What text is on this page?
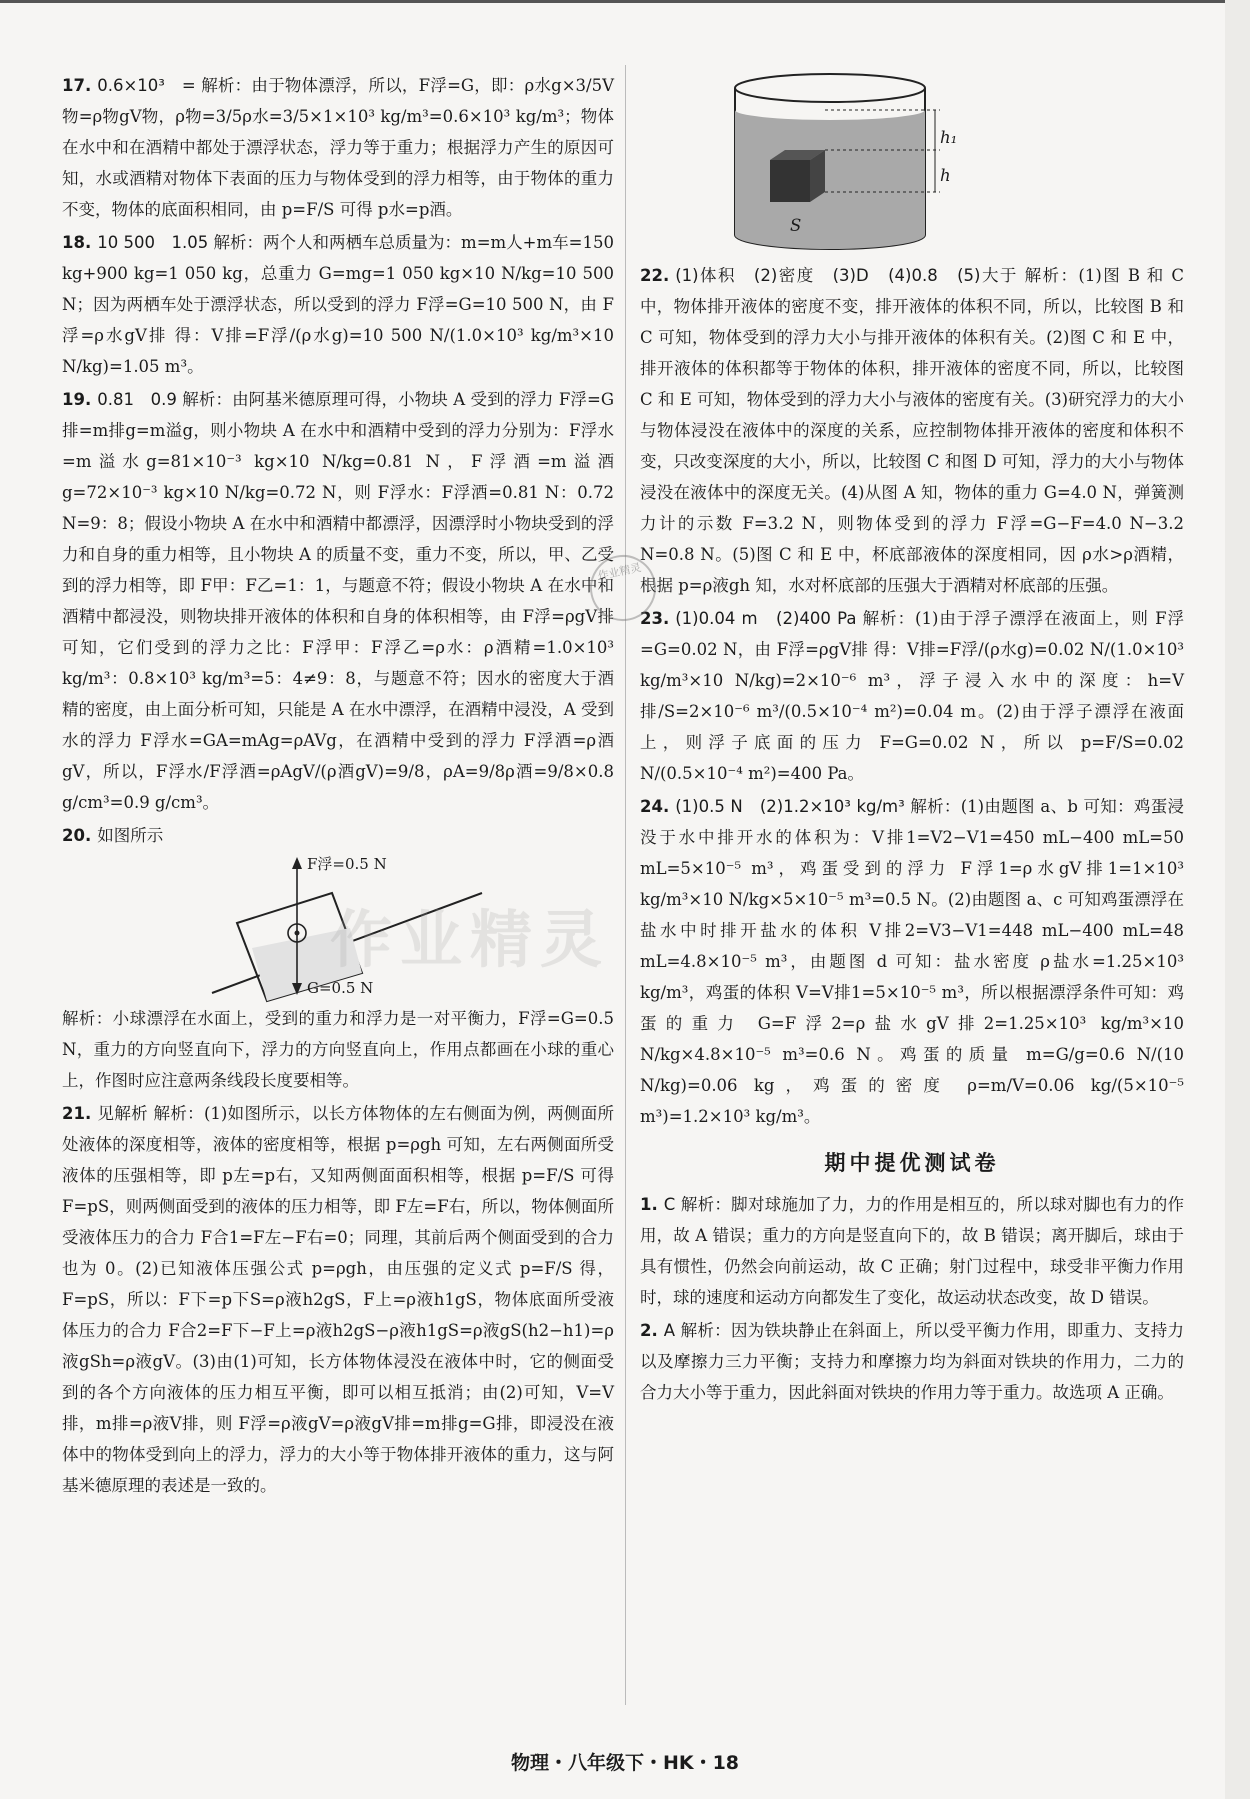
17. 0.6×10³　= 解析：由于物体漂浮，所以，F浮=G，即：ρ水g×3/5V物=ρ物gV物，ρ物=3/5ρ水=3/5×1×10³ kg/m³=0.6×10³ kg/m³；物体在水中和在酒精中都处于漂浮状态，浮力等于重力；根据浮力产生的原因可知，水或酒精对物体下表面的压力与物体受到的浮力相等，由于物体的重力不变，物体的底面积相同，由 p=F/S 可得 p水=p酒。

18. 10 500　1.05 解析：两个人和两栖车总质量为：m=m人+m车=150 kg+900 kg=1 050 kg，总重力 G=mg=1 050 kg×10 N/kg=10 500 N；因为两栖车处于漂浮状态，所以受到的浮力 F浮=G=10 500 N，由 F浮=ρ水gV排 得：V排=F浮/(ρ水g)=10 500 N/(1.0×10³ kg/m³×10 N/kg)=1.05 m³。

19. 0.81　0.9 解析：由阿基米德原理可得，小物块 A 受到的浮力 F浮=G排=m排g=m溢g，则小物块 A 在水中和酒精中受到的浮力分别为：F浮水=m溢水g=81×10⁻³ kg×10 N/kg=0.81 N，F浮酒=m溢酒g=72×10⁻³ kg×10 N/kg=0.72 N，则 F浮水：F浮酒=0.81 N：0.72 N=9：8；假设小物块 A 在水中和酒精中都漂浮，因漂浮时小物块受到的浮力和自身的重力相等，且小物块 A 的质量不变，重力不变，所以，甲、乙受到的浮力相等，即 F甲：F乙=1：1，与题意不符；假设小物块 A 在水中和酒精中都浸没，则物块排开液体的体积和自身的体积相等，由 F浮=ρgV排 可知，它们受到的浮力之比：F浮甲：F浮乙=ρ水：ρ酒精=1.0×10³ kg/m³：0.8×10³ kg/m³=5：4≠9：8，与题意不符；因水的密度大于酒精的密度，由上面分析可知，只能是 A 在水中漂浮，在酒精中浸没，A 受到水的浮力 F浮水=GA=mAg=ρAVg，在酒精中受到的浮力 F浮酒=ρ酒gV，所以，F浮水/F浮酒=ρAgV/(ρ酒gV)=9/8，ρA=9/8ρ酒=9/8×0.8 g/cm³=0.9 g/cm³。

20. 如图所示

F浮=0.5 N
G=0.5 N

解析：小球漂浮在水面上，受到的重力和浮力是一对平衡力，F浮=G=0.5 N，重力的方向竖直向下，浮力的方向竖直向上，作用点都画在小球的重心上，作图时应注意两条线段长度要相等。

21. 见解析 解析：(1)如图所示，以长方体物体的左右侧面为例，两侧面所处液体的深度相等，液体的密度相等，根据 p=ρgh 可知，左右两侧面所受液体的压强相等，即 p左=p右，又知两侧面面积相等，根据 p=F/S 可得 F=pS，则两侧面受到的液体的压力相等，即 F左=F右，所以，物体侧面所受液体压力的合力 F合1=F左−F右=0；同理，其前后两个侧面受到的合力也为 0。(2)已知液体压强公式 p=ρgh，由压强的定义式 p=F/S 得，F=pS，所以：F下=p下S=ρ液h2gS，F上=ρ液h1gS，物体底面所受液体压力的合力 F合2=F下−F上=ρ液h2gS−ρ液h1gS=ρ液gS(h2−h1)=ρ液gSh=ρ液gV。(3)由(1)可知，长方体物体浸没在液体中时，它的侧面受到的各个方向液体的压力相互平衡，即可以相互抵消；由(2)可知，V=V排，m排=ρ液V排，则 F浮=ρ液gV=ρ液gV排=m排g=G排，即浸没在液体中的物体受到向上的浮力，浮力的大小等于物体排开液体的重力，这与阿基米德原理的表述是一致的。

h₁
h
S

22. (1)体积　(2)密度　(3)D　(4)0.8　(5)大于 解析：(1)图 B 和 C 中，物体排开液体的密度不变，排开液体的体积不同，所以，比较图 B 和 C 可知，物体受到的浮力大小与排开液体的体积有关。(2)图 C 和 E 中，排开液体的体积都等于物体的体积，排开液体的密度不同，所以，比较图 C 和 E 可知，物体受到的浮力大小与液体的密度有关。(3)研究浮力的大小与物体浸没在液体中的深度的关系，应控制物体排开液体的密度和体积不变，只改变深度的大小，所以，比较图 C 和图 D 可知，浮力的大小与物体浸没在液体中的深度无关。(4)从图 A 知，物体的重力 G=4.0 N，弹簧测力计的示数 F=3.2 N，则物体受到的浮力 F浮=G−F=4.0 N−3.2 N=0.8 N。(5)图 C 和 E 中，杯底部液体的深度相同，因 ρ水>ρ酒精，根据 p=ρ液gh 知，水对杯底部的压强大于酒精对杯底部的压强。

23. (1)0.04 m　(2)400 Pa 解析：(1)由于浮子漂浮在液面上，则 F浮=G=0.02 N，由 F浮=ρgV排 得：V排=F浮/(ρ水g)=0.02 N/(1.0×10³ kg/m³×10 N/kg)=2×10⁻⁶ m³，浮子浸入水中的深度：h=V排/S=2×10⁻⁶ m³/(0.5×10⁻⁴ m²)=0.04 m。(2)由于浮子漂浮在液面上，则浮子底面的压力 F=G=0.02 N，所以 p=F/S=0.02 N/(0.5×10⁻⁴ m²)=400 Pa。

24. (1)0.5 N　(2)1.2×10³ kg/m³ 解析：(1)由题图 a、b 可知：鸡蛋浸没于水中排开水的体积为：V排1=V2−V1=450 mL−400 mL=50 mL=5×10⁻⁵ m³，鸡蛋受到的浮力 F浮1=ρ水gV排1=1×10³ kg/m³×10 N/kg×5×10⁻⁵ m³=0.5 N。(2)由题图 a、c 可知鸡蛋漂浮在盐水中时排开盐水的体积 V排2=V3−V1=448 mL−400 mL=48 mL=4.8×10⁻⁵ m³，由题图 d 可知：盐水密度 ρ盐水=1.25×10³ kg/m³，鸡蛋的体积 V=V排1=5×10⁻⁵ m³，所以根据漂浮条件可知：鸡蛋的重力 G=F浮2=ρ盐水gV排2=1.25×10³ kg/m³×10 N/kg×4.8×10⁻⁵ m³=0.6 N。鸡蛋的质量 m=G/g=0.6 N/(10 N/kg)=0.06 kg，鸡蛋的密度 ρ=m/V=0.06 kg/(5×10⁻⁵ m³)=1.2×10³ kg/m³。

期中提优测试卷

1. C 解析：脚对球施加了力，力的作用是相互的，所以球对脚也有力的作用，故 A 错误；重力的方向是竖直向下的，故 B 错误；离开脚后，球由于具有惯性，仍然会向前运动，故 C 正确；射门过程中，球受非平衡力作用时，球的速度和运动方向都发生了变化，故运动状态改变，故 D 错误。

2. A 解析：因为铁块静止在斜面上，所以受平衡力作用，即重力、支持力以及摩擦力三力平衡；支持力和摩擦力均为斜面对铁块的作用力，二力的合力大小等于重力，因此斜面对铁块的作用力等于重力。故选项 A 正确。

作业精灵
作业精灵
物理・八年级下・HK・18
